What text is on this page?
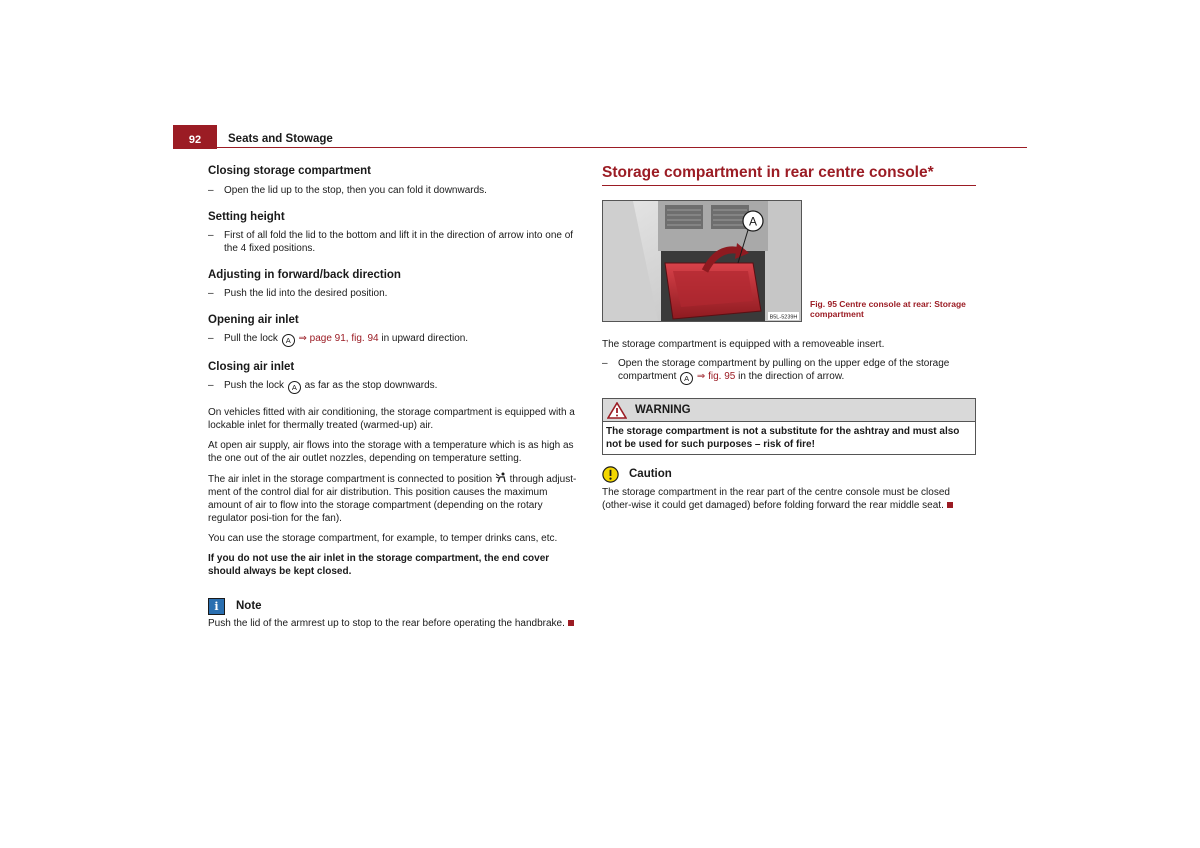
92	Seats and Stowage
Closing storage compartment

– Open the lid up to the stop, then you can fold it downwards.

Setting height

– First of all fold the lid to the bottom and lift it in the direction of arrow into one of the 4 fixed positions.

Adjusting in forward/back direction

– Push the lid into the desired position.

Opening air inlet

– Pull the lock A ⇒ page 91, fig. 94 in upward direction.

Closing air inlet

– Push the lock A as far as the stop downwards.

On vehicles fitted with air conditioning, the storage compartment is equipped with a lockable inlet for thermally treated (warmed-up) air.

At open air supply, air flows into the storage with a temperature which is as high as the one out of the air outlet nozzles, depending on temperature setting.

The air inlet in the storage compartment is connected to position through adjust-ment of the control dial for air distribution. This position causes the maximum amount of air to flow into the storage compartment (depending on the rotary regulator posi-tion for the fan).

You can use the storage compartment, for example, to temper drinks cans, etc.

If you do not use the air inlet in the storage compartment, the end cover should always be kept closed.

i	Note

Push the lid of the armrest up to stop to the rear before operating the handbrake.

Storage compartment in rear centre console*
A
B5L-5239H
Fig. 95 Centre console at rear: Storage compartment

The storage compartment is equipped with a removeable insert.

– Open the storage compartment by pulling on the upper edge of the storage compartment A ⇒ fig. 95 in the direction of arrow.

WARNING
The storage compartment is not a substitute for the ashtray and must also not be used for such purposes – risk of fire!
Caution

The storage compartment in the rear part of the centre console must be closed (other-wise it could get damaged) before folding forward the rear middle seat.
